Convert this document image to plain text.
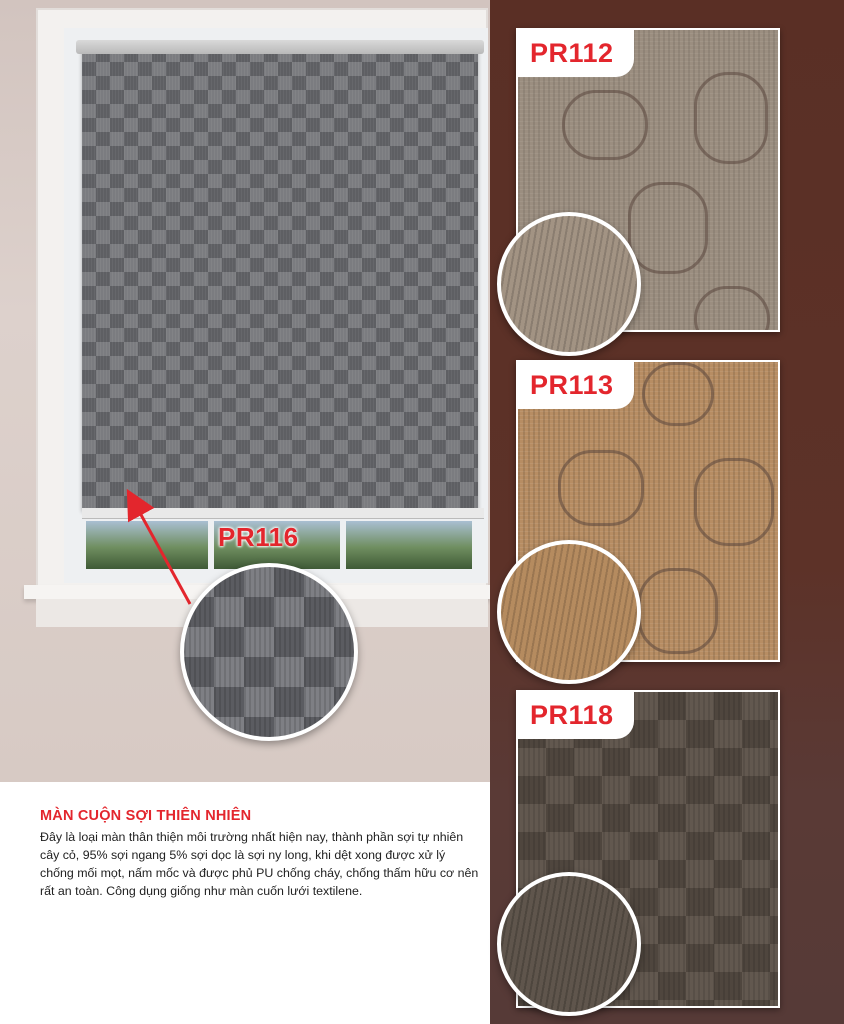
PR116
PR112
PR113
PR118

MÀN CUỘN SỢI THIÊN NHIÊN

Đây là loại màn thân thiện môi trường nhất hiện nay, thành phần sợi tự nhiên cây cỏ, 95% sợi ngang 5% sợi dọc là sợi ny long, khi dệt xong được xử lý chống mối mọt, nấm mốc và được phủ PU chống cháy, chống thấm hữu cơ nên rất an toàn. Công dụng giống như màn cuốn lưới textilene.
